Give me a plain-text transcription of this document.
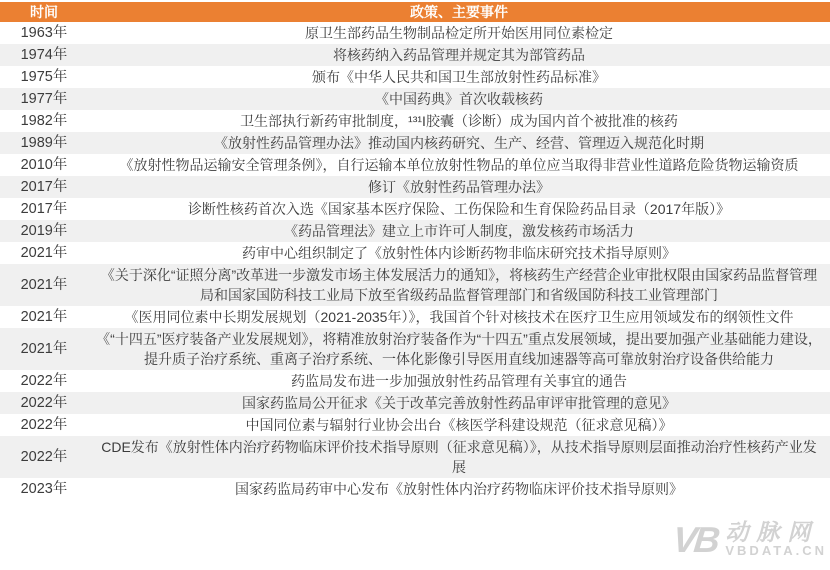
时间	政策、主要事件
1963年	原卫生部药品生物制品检定所开始医用同位素检定
1974年	将核药纳入药品管理并规定其为部管药品
1975年	颁布《中华人民共和国卫生部放射性药品标准》
1977年	《中国药典》首次收载核药
1982年	卫生部执行新药审批制度，¹³¹I胶囊（诊断）成为国内首个被批准的核药
1989年	《放射性药品管理办法》推动国内核药研究、生产、经营、管理迈入规范化时期
2010年	《放射性物品运输安全管理条例》，自行运输本单位放射性物品的单位应当取得非营业性道路危险货物运输资质
2017年	修订《放射性药品管理办法》
2017年	诊断性核药首次入选《国家基本医疗保险、工伤保险和生育保险药品目录（2017年版）》
2019年	《药品管理法》建立上市许可人制度，激发核药市场活力
2021年	药审中心组织制定了《放射性体内诊断药物非临床研究技术指导原则》
2021年	《关于深化“证照分离”改革进一步激发市场主体发展活力的通知》，将核药生产经营企业审批权限由国家药品监督管理局和国家国防科技工业局下放至省级药品监督管理部门和省级国防科技工业管理部门
2021年	《医用同位素中长期发展规划（2021-2035年）》，我国首个针对核技术在医疗卫生应用领域发布的纲领性文件
2021年	《“十四五”医疗装备产业发展规划》，将精准放射治疗装备作为“十四五”重点发展领域，提出要加强产业基础能力建设，提升质子治疗系统、重离子治疗系统、一体化影像引导医用直线加速器等高可靠放射治疗设备供给能力
2022年	药监局发布进一步加强放射性药品管理有关事宜的通告
2022年	国家药监局公开征求《关于改革完善放射性药品审评审批管理的意见》
2022年	中国同位素与辐射行业协会出台《核医学科建设规范（征求意见稿）》
2022年	CDE发布《放射性体内治疗药物临床评价技术指导原则（征求意见稿）》，从技术指导原则层面推动治疗性核药产业发展
2023年	国家药监局药审中心发布《放射性体内治疗药物临床评价技术指导原则》
VB 动脉网
VBDATA.CN
